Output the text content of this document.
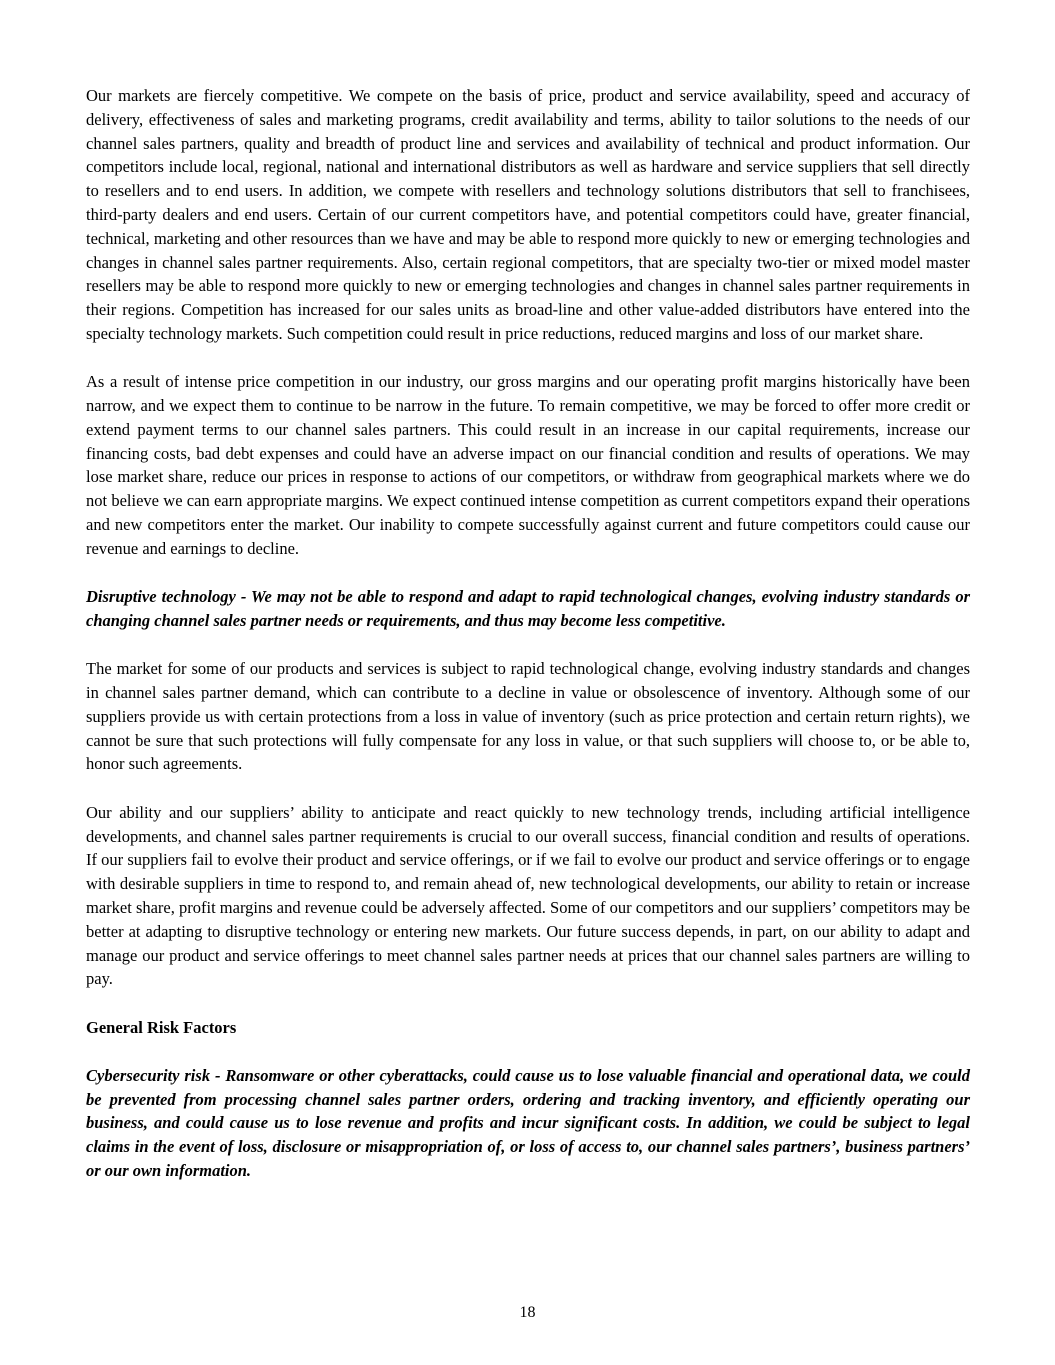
Our markets are fiercely competitive. We compete on the basis of price, product and service availability, speed and accuracy of delivery, effectiveness of sales and marketing programs, credit availability and terms, ability to tailor solutions to the needs of our channel sales partners, quality and breadth of product line and services and availability of technical and product information. Our competitors include local, regional, national and international distributors as well as hardware and service suppliers that sell directly to resellers and to end users. In addition, we compete with resellers and technology solutions distributors that sell to franchisees, third-party dealers and end users. Certain of our current competitors have, and potential competitors could have, greater financial, technical, marketing and other resources than we have and may be able to respond more quickly to new or emerging technologies and changes in channel sales partner requirements. Also, certain regional competitors, that are specialty two-tier or mixed model master resellers may be able to respond more quickly to new or emerging technologies and changes in channel sales partner requirements in their regions. Competition has increased for our sales units as broad-line and other value-added distributors have entered into the specialty technology markets. Such competition could result in price reductions, reduced margins and loss of our market share.

As a result of intense price competition in our industry, our gross margins and our operating profit margins historically have been narrow, and we expect them to continue to be narrow in the future. To remain competitive, we may be forced to offer more credit or extend payment terms to our channel sales partners. This could result in an increase in our capital requirements, increase our financing costs, bad debt expenses and could have an adverse impact on our financial condition and results of operations. We may lose market share, reduce our prices in response to actions of our competitors, or withdraw from geographical markets where we do not believe we can earn appropriate margins. We expect continued intense competition as current competitors expand their operations and new competitors enter the market. Our inability to compete successfully against current and future competitors could cause our revenue and earnings to decline.

Disruptive technology - We may not be able to respond and adapt to rapid technological changes, evolving industry standards or changing channel sales partner needs or requirements, and thus may become less competitive.

The market for some of our products and services is subject to rapid technological change, evolving industry standards and changes in channel sales partner demand, which can contribute to a decline in value or obsolescence of inventory. Although some of our suppliers provide us with certain protections from a loss in value of inventory (such as price protection and certain return rights), we cannot be sure that such protections will fully compensate for any loss in value, or that such suppliers will choose to, or be able to, honor such agreements.

Our ability and our suppliers’ ability to anticipate and react quickly to new technology trends, including artificial intelligence developments, and channel sales partner requirements is crucial to our overall success, financial condition and results of operations. If our suppliers fail to evolve their product and service offerings, or if we fail to evolve our product and service offerings or to engage with desirable suppliers in time to respond to, and remain ahead of, new technological developments, our ability to retain or increase market share, profit margins and revenue could be adversely affected. Some of our competitors and our suppliers’ competitors may be better at adapting to disruptive technology or entering new markets. Our future success depends, in part, on our ability to adapt and manage our product and service offerings to meet channel sales partner needs at prices that our channel sales partners are willing to pay.

General Risk Factors

Cybersecurity risk - Ransomware or other cyberattacks, could cause us to lose valuable financial and operational data, we could be prevented from processing channel sales partner orders, ordering and tracking inventory, and efficiently operating our business, and could cause us to lose revenue and profits and incur significant costs. In addition, we could be subject to legal claims in the event of loss, disclosure or misappropriation of, or loss of access to, our channel sales partners’, business partners’ or our own information.

18
